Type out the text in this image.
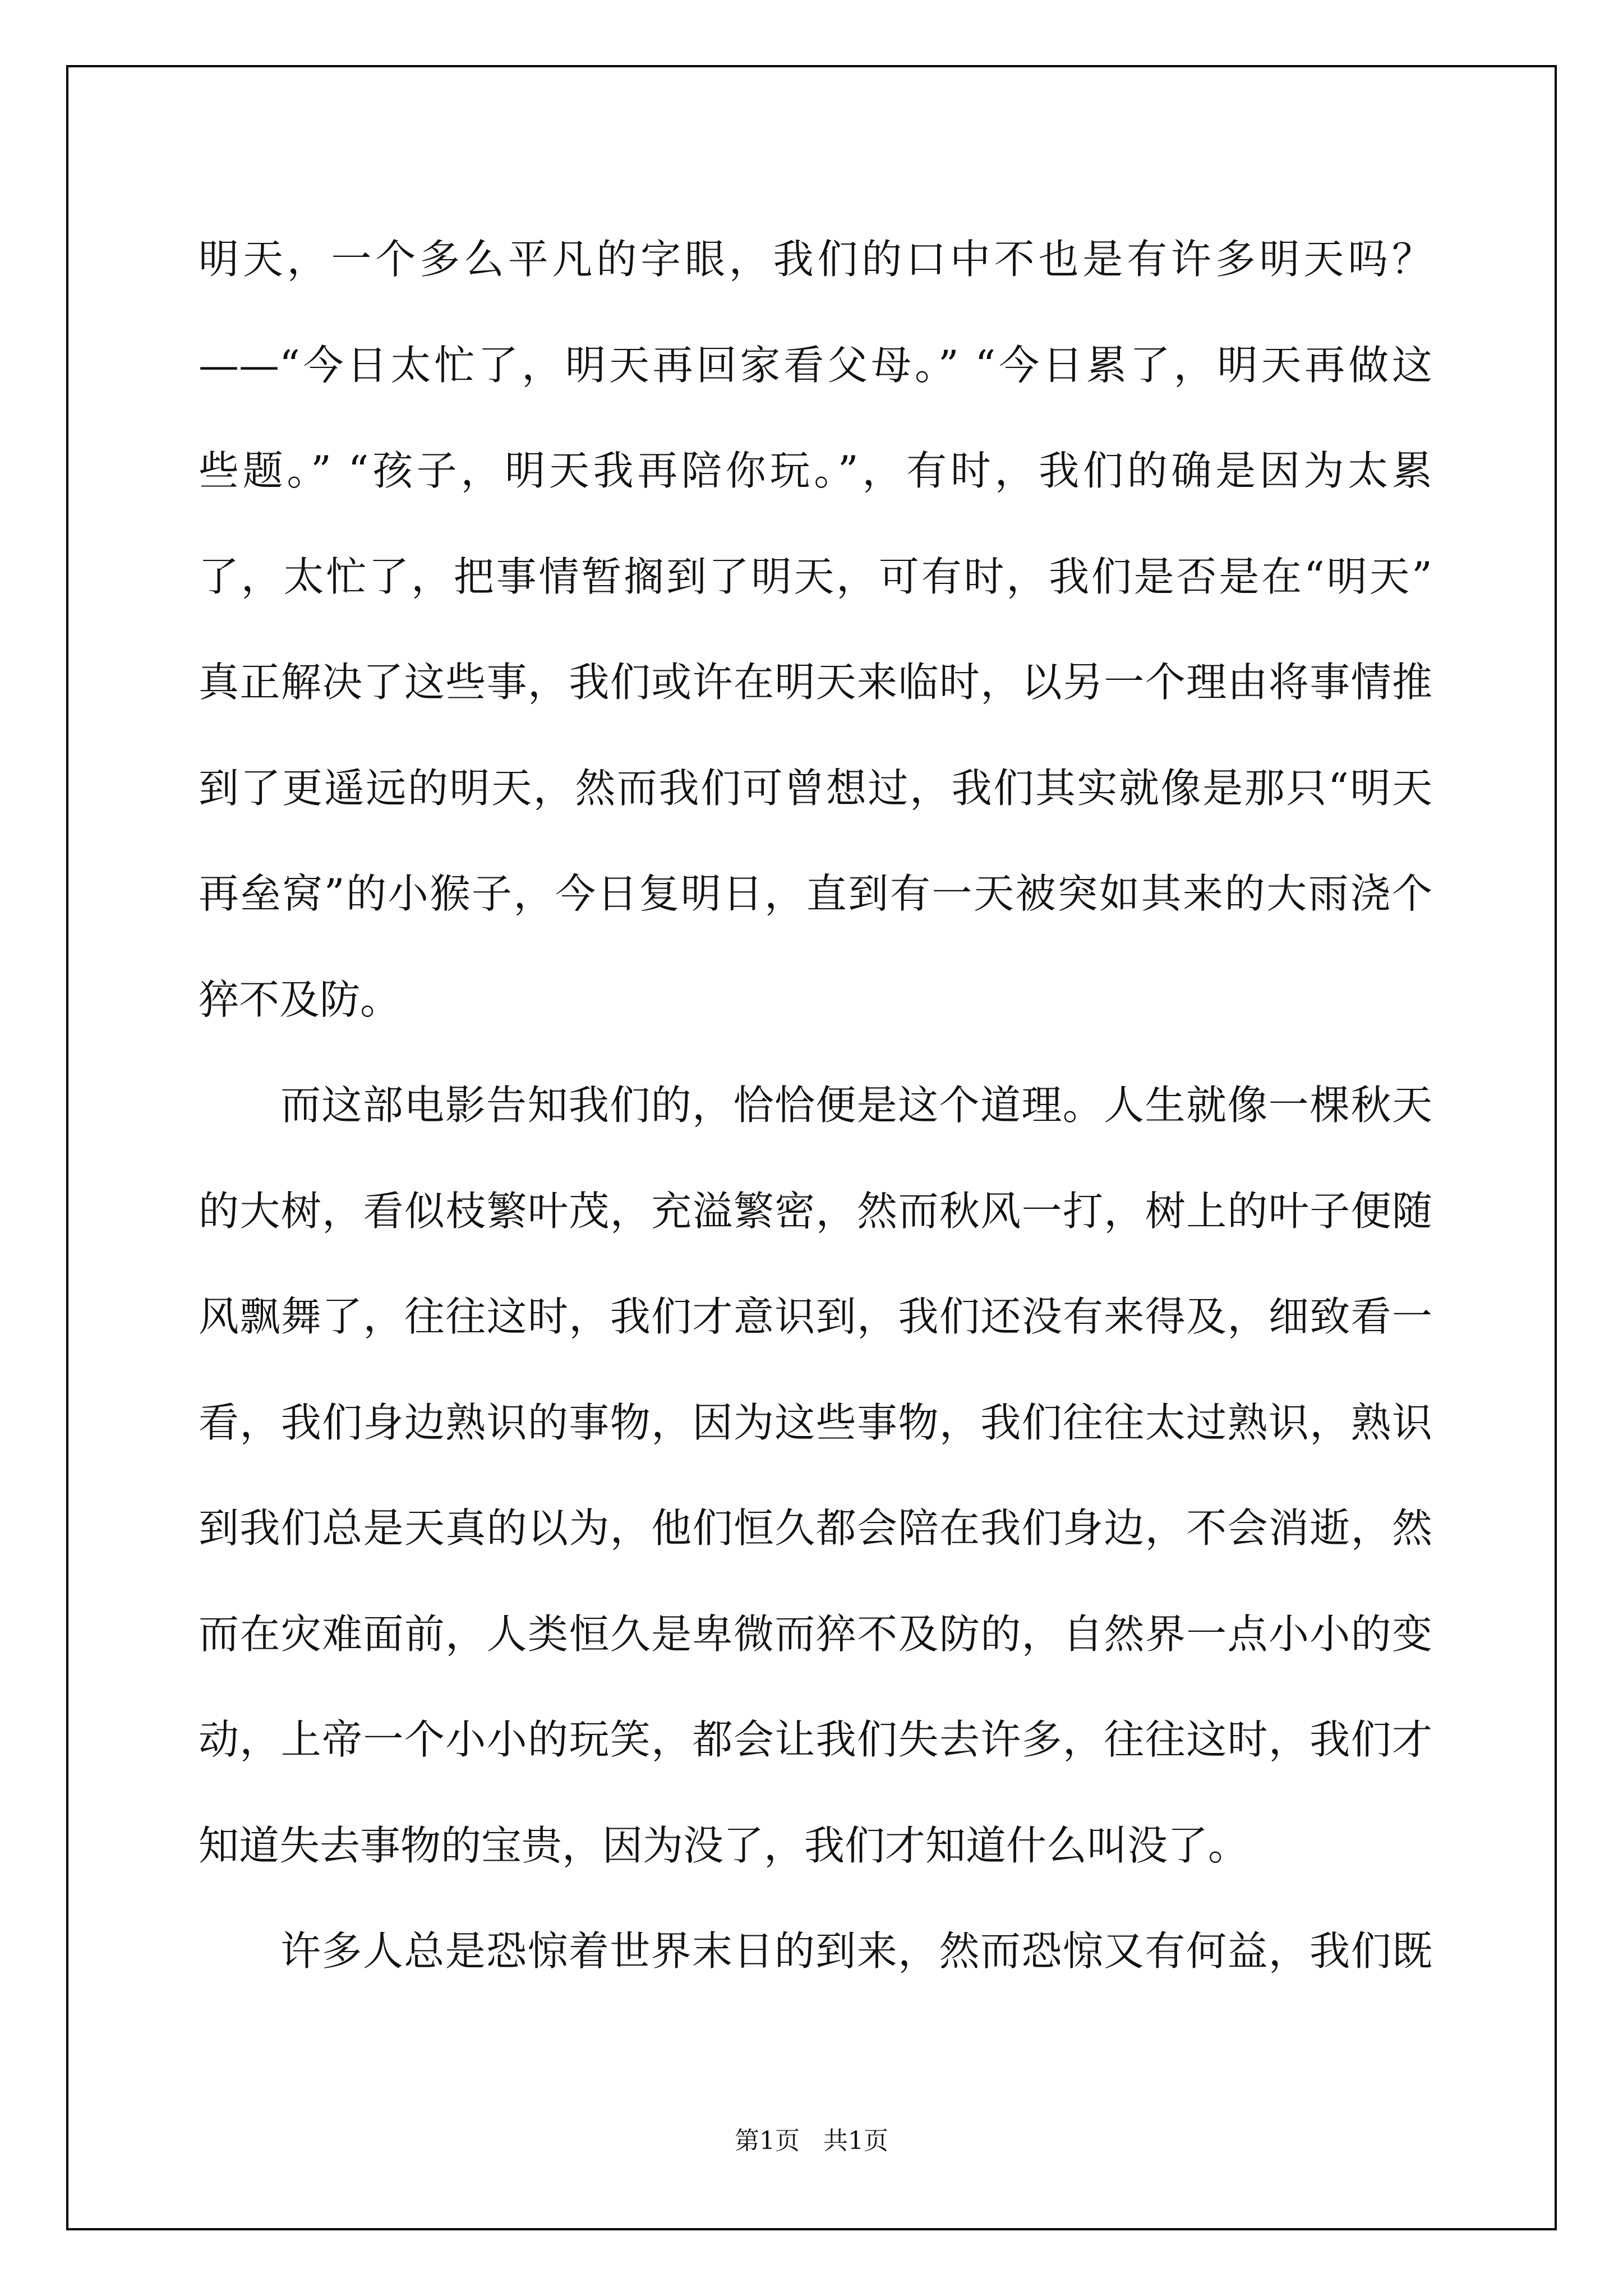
明天，一个多么平凡的字眼，我们的口中不也是有许多明天吗？
——“今日太忙了，明天再回家看父母。” “今日累了，明天再做这
些题。” “孩子，明天我再陪你玩。”，有时，我们的确是因为太累
了，太忙了，把事情暂搁到了明天，可有时，我们是否是在“明天”
真正解决了这些事，我们或许在明天来临时，以另一个理由将事情推
到了更遥远的明天，然而我们可曾想过，我们其实就像是那只“明天
再垒窝”的小猴子，今日复明日，直到有一天被突如其来的大雨浇个
猝不及防。

而这部电影告知我们的，恰恰便是这个道理。人生就像一棵秋天
的大树，看似枝繁叶茂，充溢繁密，然而秋风一打，树上的叶子便随
风飘舞了，往往这时，我们才意识到，我们还没有来得及，细致看一
看，我们身边熟识的事物，因为这些事物，我们往往太过熟识，熟识
到我们总是天真的以为，他们恒久都会陪在我们身边，不会消逝，然
而在灾难面前，人类恒久是卑微而猝不及防的，自然界一点小小的变
动，上帝一个小小的玩笑，都会让我们失去许多，往往这时，我们才
知道失去事物的宝贵，因为没了，我们才知道什么叫没了。

许多人总是恐惊着世界末日的到来，然而恐惊又有何益，我们既

第1页   共1页
